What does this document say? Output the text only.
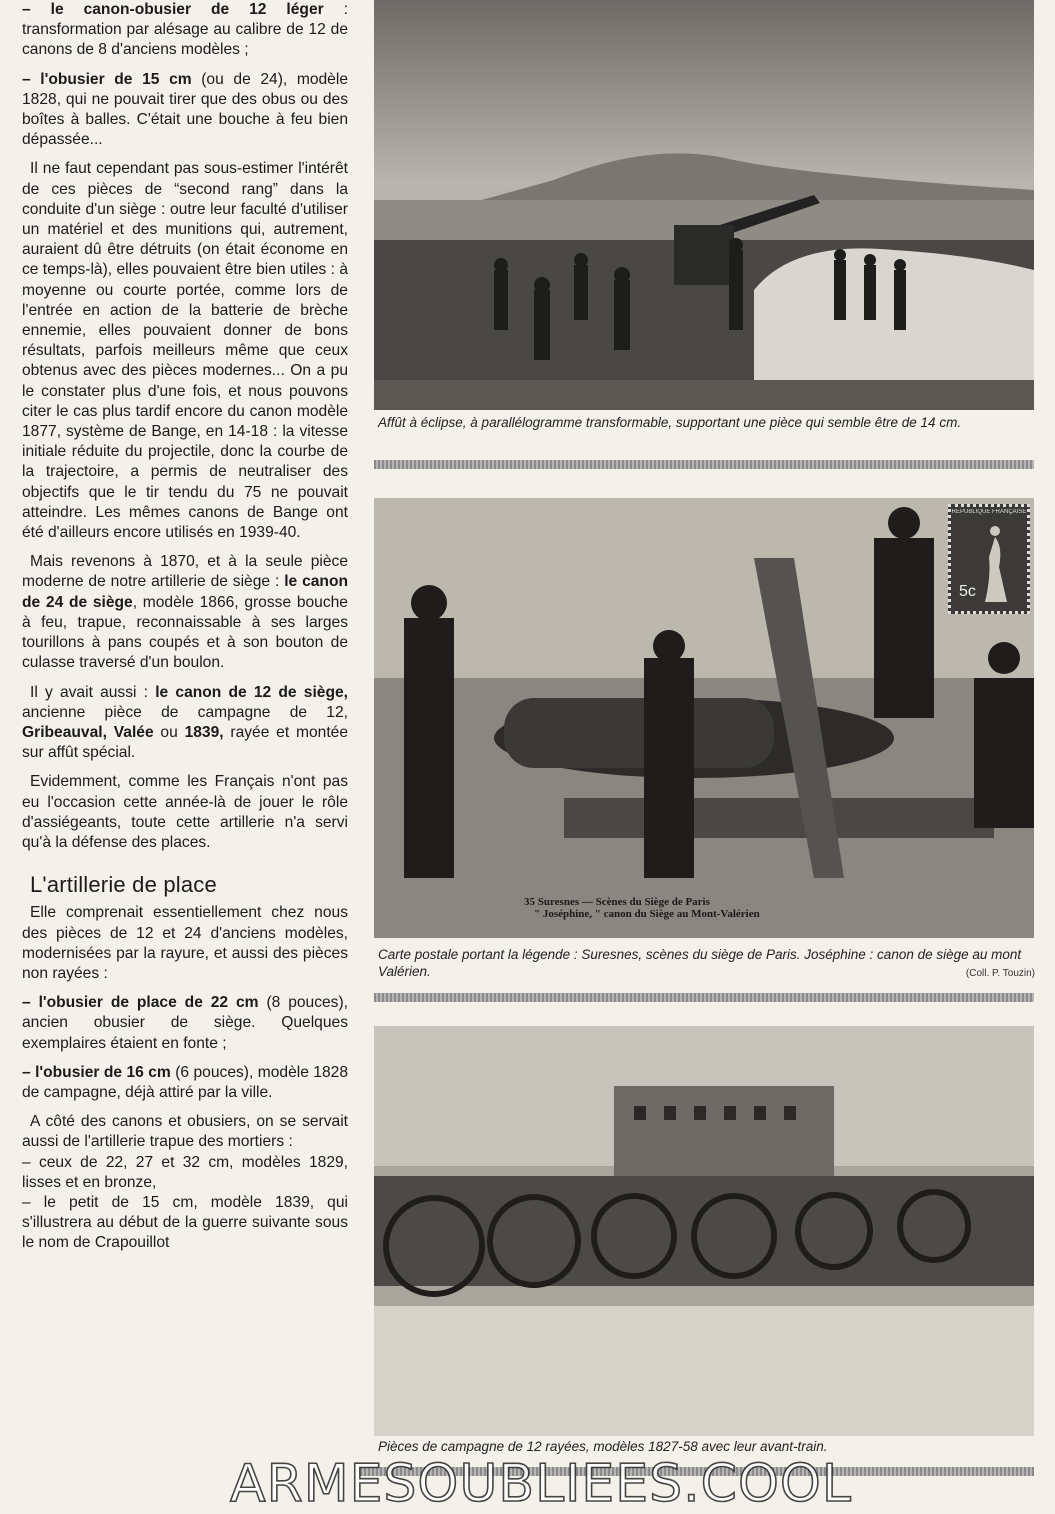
– le canon-obusier de 12 léger : transformation par alésage au calibre de 12 de canons de 8 d'anciens modèles ;

– l'obusier de 15 cm (ou de 24), modèle 1828, qui ne pouvait tirer que des obus ou des boîtes à balles. C'était une bouche à feu bien dépassée...

Il ne faut cependant pas sous-estimer l'intérêt de ces pièces de “second rang” dans la conduite d'un siège : outre leur faculté d'utiliser un matériel et des munitions qui, autrement, auraient dû être détruits (on était économe en ce temps-là), elles pouvaient être bien utiles : à moyenne ou courte portée, comme lors de l'entrée en action de la batterie de brèche ennemie, elles pouvaient donner de bons résultats, parfois meilleurs même que ceux obtenus avec des pièces modernes... On a pu le constater plus d'une fois, et nous pouvons citer le cas plus tardif encore du canon modèle 1877, système de Bange, en 14-18 : la vitesse initiale réduite du projectile, donc la courbe de la trajectoire, a permis de neutraliser des objectifs que le tir tendu du 75 ne pouvait atteindre. Les mêmes canons de Bange ont été d'ailleurs encore utilisés en 1939-40.

Mais revenons à 1870, et à la seule pièce moderne de notre artillerie de siège : le canon de 24 de siège, modèle 1866, grosse bouche à feu, trapue, reconnaissable à ses larges tourillons à pans coupés et à son bouton de culasse traversé d'un boulon.

Il y avait aussi : le canon de 12 de siège, ancienne pièce de campagne de 12, Gribeauval, Valée ou 1839, rayée et montée sur affût spécial.

Evidemment, comme les Français n'ont pas eu l'occasion cette année-là de jouer le rôle d'assiégeants, toute cette artillerie n'a servi qu'à la défense des places.

L'artillerie de place

Elle comprenait essentiellement chez nous des pièces de 12 et 24 d'anciens modèles, modernisées par la rayure, et aussi des pièces non rayées :

– l'obusier de place de 22 cm (8 pouces), ancien obusier de siège. Quelques exemplaires étaient en fonte ;

– l'obusier de 16 cm (6 pouces), modèle 1828 de campagne, déjà attiré par la ville.

A côté des canons et obusiers, on se servait aussi de l'artillerie trapue des mortiers :

– ceux de 22, 27 et 32 cm, modèles 1829, lisses et en bronze,

– le petit de 15 cm, modèle 1839, qui s'illustrera au début de la guerre suivante sous le nom de Crapouillot

Affût à éclipse, à parallélogramme transformable, supportant une pièce qui semble être de 14 cm.
RÉPUBLIQUE FRANÇAISE
5c
35 Suresnes — Scènes du Siège de Paris
" Joséphine, " canon du Siège au Mont-Valérien
Carte postale portant la légende : Suresnes, scènes du siège de Paris. Joséphine : canon de siège au mont Valérien.	(Coll. P. Touzin)
Pièces de campagne de 12 rayées, modèles 1827-58 avec leur avant-train.
ARMESOUBLIEES.COOL
